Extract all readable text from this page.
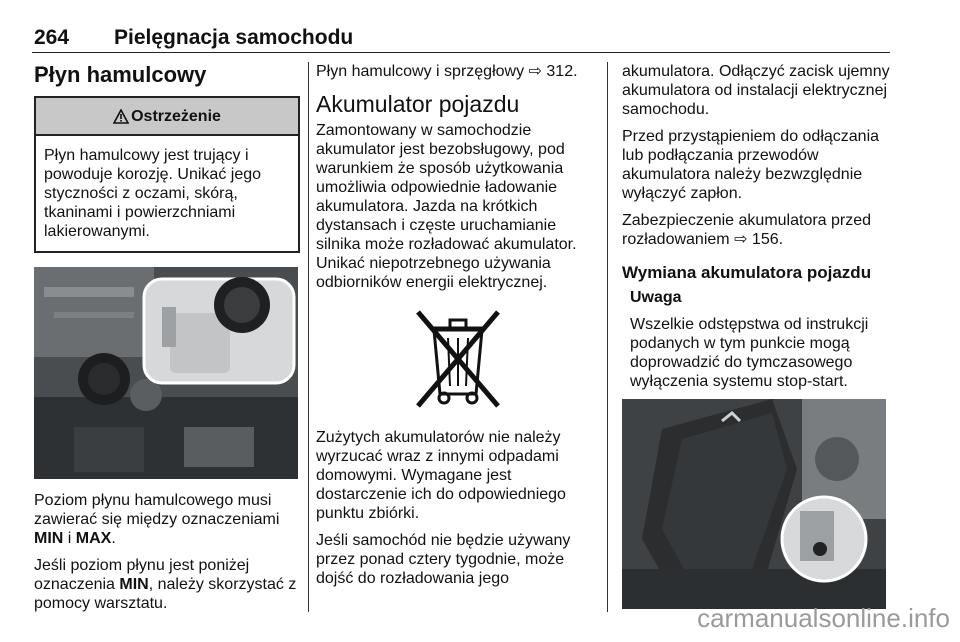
264 Pielęgnacja samochodu
Płyn hamulcowy
Ostrzeżenie
Płyn hamulcowy jest trujący i powoduje korozję. Unikać jego styczności z oczami, skórą, tkaninami i powierzchniami lakierowanymi.

Poziom płynu hamulcowego musi zawierać się między oznaczeniami MIN i MAX.

Jeśli poziom płynu jest poniżej oznaczenia MIN, należy skorzystać z pomocy warsztatu.

Płyn hamulcowy i sprzęgłowy ⇨ 312.

Akumulator pojazdu

Zamontowany w samochodzie akumulator jest bezobsługowy, pod warunkiem że sposób użytkowania umożliwia odpowiednie ładowanie akumulatora. Jazda na krótkich dystansach i częste uruchamianie silnika może rozładować akumulator. Unikać niepotrzebnego używania odbiorników energii elektrycznej.

Zużytych akumulatorów nie należy wyrzucać wraz z innymi odpadami domowymi. Wymagane jest dostarczenie ich do odpowiedniego punktu zbiórki.

Jeśli samochód nie będzie używany przez ponad cztery tygodnie, może dojść do rozładowania jego

akumulatora. Odłączyć zacisk ujemny akumulatora od instalacji elektrycznej samochodu.

Przed przystąpieniem do odłączania lub podłączania przewodów akumulatora należy bezwzględnie wyłączyć zapłon.

Zabezpieczenie akumulatora przed rozładowaniem ⇨ 156.

Wymiana akumulatora pojazdu

Uwaga

Wszelkie odstępstwa od instrukcji podanych w tym punkcie mogą doprowadzić do tymczasowego wyłączenia systemu stop-start.

carmanualsonline.info
